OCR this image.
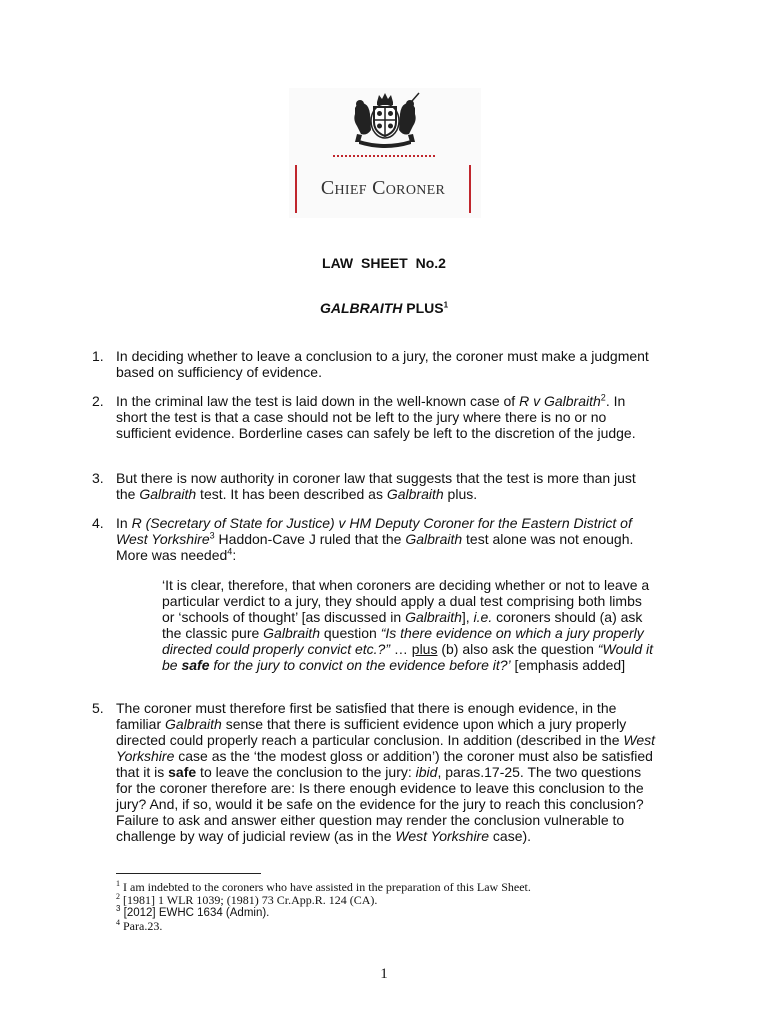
Chief Coroner
LAW SHEET No.2
GALBRAITH PLUS$^1$
1. In deciding whether to leave a conclusion to a jury, the coroner must make a judgment based on sufficiency of evidence.
2. In the criminal law the test is laid down in the well-known case of R v Galbraith$^2$. In short the test is that a case should not be left to the jury where there is no or no sufficient evidence. Borderline cases can safely be left to the discretion of the judge.
3. But there is now authority in coroner law that suggests that the test is more than just the Galbraith test. It has been described as Galbraith plus.
4. In R (Secretary of State for Justice) v HM Deputy Coroner for the Eastern District of West Yorkshire$^3$ Haddon-Cave J ruled that the Galbraith test alone was not enough. More was needed$^4$:
‘It is clear, therefore, that when coroners are deciding whether or not to leave a particular verdict to a jury, they should apply a dual test comprising both limbs or ‘schools of thought’ [as discussed in Galbraith], i.e. coroners should (a) ask the classic pure Galbraith question “Is there evidence on which a jury properly directed could properly convict etc.?” … plus (b) also ask the question “Would it be safe for the jury to convict on the evidence before it?’ [emphasis added]
5. The coroner must therefore first be satisfied that there is enough evidence, in the familiar Galbraith sense that there is sufficient evidence upon which a jury properly directed could properly reach a particular conclusion. In addition (described in the West Yorkshire case as the ‘the modest gloss or addition’) the coroner must also be satisfied that it is safe to leave the conclusion to the jury: ibid, paras.17-25. The two questions for the coroner therefore are: Is there enough evidence to leave this conclusion to the jury? And, if so, would it be safe on the evidence for the jury to reach this conclusion? Failure to ask and answer either question may render the conclusion vulnerable to challenge by way of judicial review (as in the West Yorkshire case).
$^1$ I am indebted to the coroners who have assisted in the preparation of this Law Sheet.
$^2$ [1981] 1 WLR 1039; (1981) 73 Cr.App.R. 124 (CA).
$^3$ [2012] EWHC 1634 (Admin).
$^4$ Para.23.
1
